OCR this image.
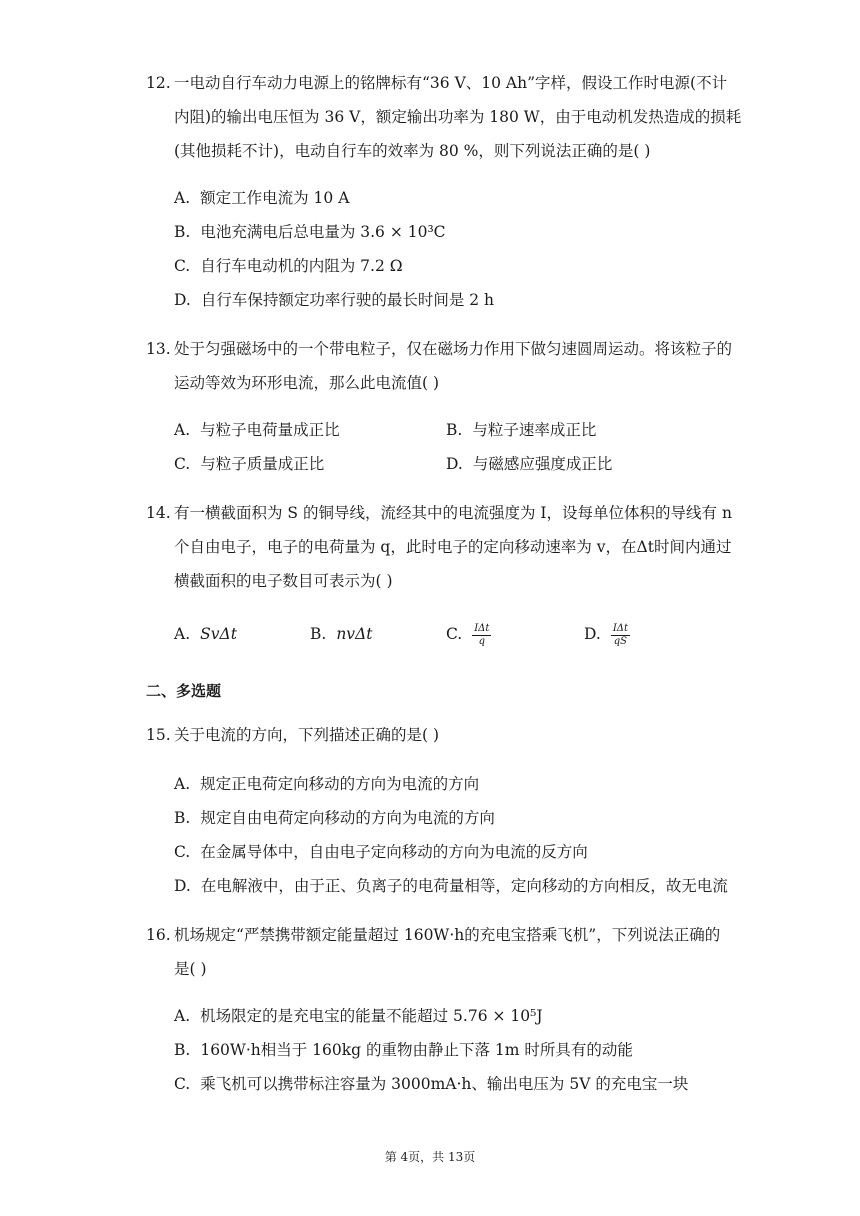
12. 一电动自行车动力电源上的铭牌标有“36 V、10 Ah”字样，假设工作时电源(不计
内阻)的输出电压恒为 36 V，额定输出功率为 180 W，由于电动机发热造成的损耗
(其他损耗不计)，电动自行车的效率为 80 %，则下列说法正确的是( )
A. 额定工作电流为 10 A
B. 电池充满电后总电量为 3.6 × 10³C
C. 自行车电动机的内阻为 7.2 Ω
D. 自行车保持额定功率行驶的最长时间是 2 h
13. 处于匀强磁场中的一个带电粒子，仅在磁场力作用下做匀速圆周运动。将该粒子的
运动等效为环形电流，那么此电流值( )
A. 与粒子电荷量成正比	B. 与粒子速率成正比
C. 与粒子质量成正比	D. 与磁感应强度成正比
14. 有一横截面积为 S 的铜导线，流经其中的电流强度为 I，设每单位体积的导线有 n
个自由电子，电子的电荷量为 q，此时电子的定向移动速率为 v，在Δt时间内通过
横截面积的电子数目可表示为( )
A. SvΔt	B. nvΔt	C. $\frac{\text{IΔt}}{q}$	D. $\frac{\text{IΔt}}{qS}$
二、多选题
15. 关于电流的方向，下列描述正确的是( )
A. 规定正电荷定向移动的方向为电流的方向
B. 规定自由电荷定向移动的方向为电流的方向
C. 在金属导体中，自由电子定向移动的方向为电流的反方向
D. 在电解液中，由于正、负离子的电荷量相等，定向移动的方向相反，故无电流
16. 机场规定“严禁携带额定能量超过 160W·h的充电宝搭乘飞机”，下列说法正确的
是( )
A. 机场限定的是充电宝的能量不能超过 5.76 × 10⁵J
B. 160W·h相当于 160kg 的重物由静止下落 1m 时所具有的动能
C. 乘飞机可以携带标注容量为 3000mA·h、输出电压为 5V 的充电宝一块
第 4页，共 13页
